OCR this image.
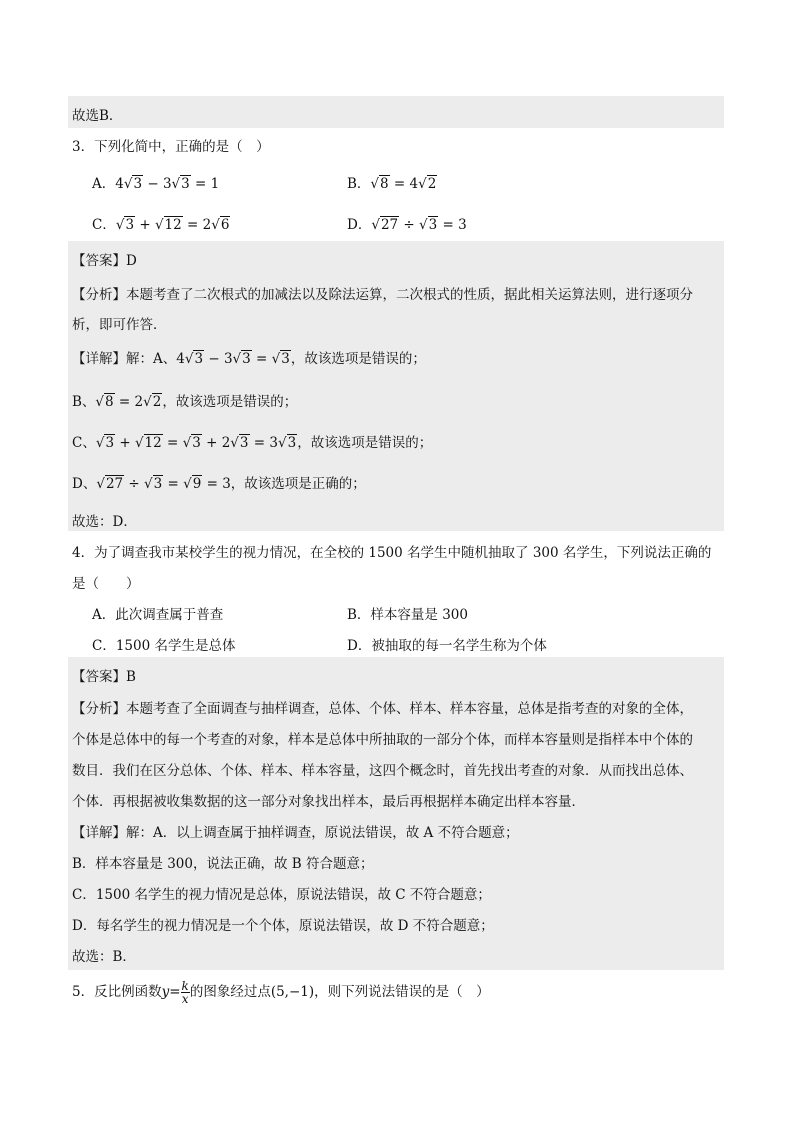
故选B．
3．下列化简中，正确的是（　）
A．4√3 − 3√3 = 1	B．√8 = 4√2
C．√3 + √12 = 2√6	D．√27 ÷ √3 = 3
【答案】D
【分析】本题考查了二次根式的加减法以及除法运算，二次根式的性质，据此相关运算法则，进行逐项分
析，即可作答．
【详解】解：A、4√3 − 3√3 = √3，故该选项是错误的；
B、√8 = 2√2，故该选项是错误的；
C、√3 + √12 = √3 + 2√3 = 3√3，故该选项是错误的；
D、√27 ÷ √3 = √9 = 3，故该选项是正确的；
故选：D．
4．为了调查我市某校学生的视力情况，在全校的 1500 名学生中随机抽取了 300 名学生，下列说法正确的
是（　　）
A．此次调查属于普查	B．样本容量是 300
C．1500 名学生是总体	D．被抽取的每一名学生称为个体
【答案】B
【分析】本题考查了全面调查与抽样调查，总体、个体、样本、样本容量，总体是指考查的对象的全体，
个体是总体中的每一个考查的对象，样本是总体中所抽取的一部分个体，而样本容量则是指样本中个体的
数目．我们在区分总体、个体、样本、样本容量，这四个概念时，首先找出考查的对象．从而找出总体、
个体．再根据被收集数据的这一部分对象找出样本，最后再根据样本确定出样本容量．
【详解】解：A．以上调查属于抽样调查，原说法错误，故 A 不符合题意；
B．样本容量是 300，说法正确，故 B 符合题意；
C．1500 名学生的视力情况是总体，原说法错误，故 C 不符合题意；
D．每名学生的视力情况是一个个体，原说法错误，故 D 不符合题意；
故选：B．
5．反比例函数$y= \frac{k}{x}$ 的图象经过点(5,−1)，则下列说法错误的是（　）
